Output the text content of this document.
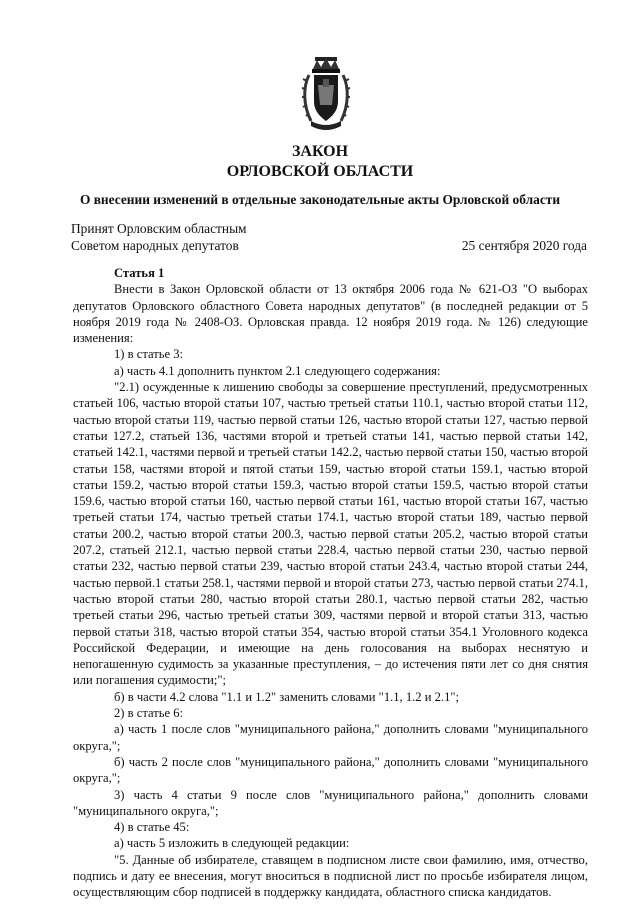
ЗАКОН
ОРЛОВСКОЙ ОБЛАСТИ
О внесении изменений в отдельные законодательные акты Орловской области
Принят Орловским областным
Советом народных депутатов	25 сентября 2020 года

Статья 1

Внести в Закон Орловской области от 13 октября 2006 года № 621-ОЗ "О выборах депутатов Орловского областного Совета народных депутатов" (в последней редакции от 5 ноября 2019 года № 2408-ОЗ. Орловская правда. 12 ноября 2019 года. № 126) следующие изменения:

1) в статье 3:

а) часть 4.1 дополнить пунктом 2.1 следующего содержания:

"2.1) осужденные к лишению свободы за совершение преступлений, предусмотренных статьей 106, частью второй статьи 107, частью третьей статьи 110.1, частью второй статьи 112, частью второй статьи 119, частью первой статьи 126, частью второй статьи 127, частью первой статьи 127.2, статьей 136, частями второй и третьей статьи 141, частью первой статьи 142, статьей 142.1, частями первой и третьей статьи 142.2, частью первой статьи 150, частью второй статьи 158, частями второй и пятой статьи 159, частью второй статьи 159.1, частью второй статьи 159.2, частью второй статьи 159.3, частью второй статьи 159.5, частью второй статьи 159.6, частью второй статьи 160, частью первой статьи 161, частью второй статьи 167, частью третьей статьи 174, частью третьей статьи 174.1, частью второй статьи 189, частью первой статьи 200.2, частью второй статьи 200.3, частью первой статьи 205.2, частью второй статьи 207.2, статьей 212.1, частью первой статьи 228.4, частью первой статьи 230, частью первой статьи 232, частью первой статьи 239, частью второй статьи 243.4, частью второй статьи 244, частью первой.1 статьи 258.1, частями первой и второй статьи 273, частью первой статьи 274.1, частью второй статьи 280, частью второй статьи 280.1, частью первой статьи 282, частью третьей статьи 296, частью третьей статьи 309, частями первой и второй статьи 313, частью первой статьи 318, частью второй статьи 354, частью второй статьи 354.1 Уголовного кодекса Российской Федерации, и имеющие на день голосования на выборах неснятую и непогашенную судимость за указанные преступления, – до истечения пяти лет со дня снятия или погашения судимости;";

б) в части 4.2 слова "1.1 и 1.2" заменить словами "1.1, 1.2 и 2.1";

2) в статье 6:

а) часть 1 после слов "муниципального района," дополнить словами "муниципального округа,";

б) часть 2 после слов "муниципального района," дополнить словами "муниципального округа,";

3) часть 4 статьи 9 после слов "муниципального района," дополнить словами "муниципального округа,";

4) в статье 45:

а) часть 5 изложить в следующей редакции:

"5. Данные об избирателе, ставящем в подписном листе свои фамилию, имя, отчество, подпись и дату ее внесения, могут вноситься в подписной лист по просьбе избирателя лицом, осуществляющим сбор подписей в поддержку кандидата, областного списка кандидатов.
